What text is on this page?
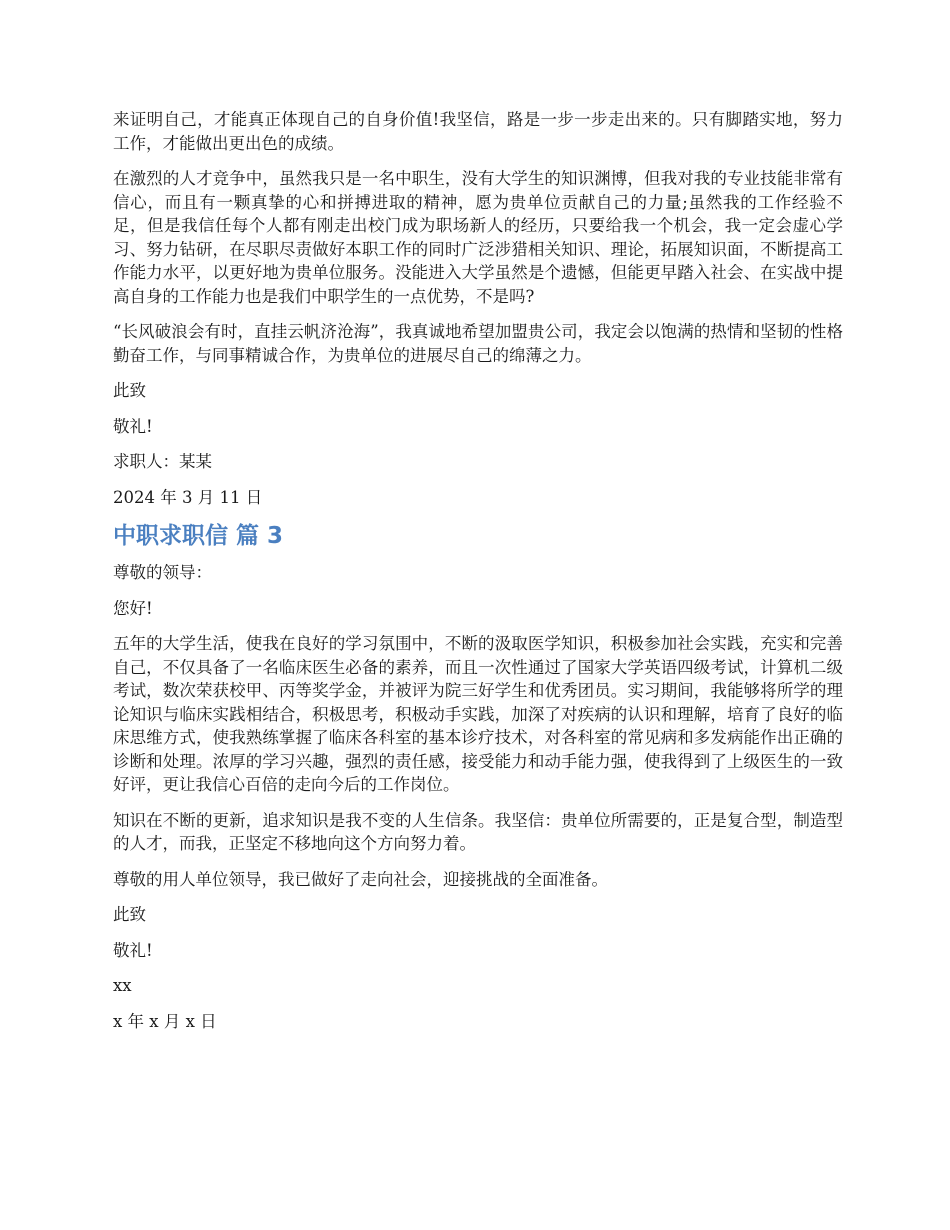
来证明自己，才能真正体现自己的自身价值!我坚信，路是一步一步走出来的。只有脚踏实地，努力工作，才能做出更出色的成绩。

在激烈的人才竞争中，虽然我只是一名中职生，没有大学生的知识渊博，但我对我的专业技能非常有信心，而且有一颗真挚的心和拼搏进取的精神，愿为贵单位贡献自己的力量;虽然我的工作经验不足，但是我信任每个人都有刚走出校门成为职场新人的经历，只要给我一个机会，我一定会虚心学习、努力钻研，在尽职尽责做好本职工作的同时广泛涉猎相关知识、理论，拓展知识面，不断提高工作能力水平，以更好地为贵单位服务。没能进入大学虽然是个遗憾，但能更早踏入社会、在实战中提高自身的工作能力也是我们中职学生的一点优势，不是吗?

“长风破浪会有时，直挂云帆济沧海”，我真诚地希望加盟贵公司，我定会以饱满的热情和坚韧的性格勤奋工作，与同事精诚合作，为贵单位的进展尽自己的绵薄之力。

此致

敬礼!

求职人：某某

2024 年 3 月 11 日

中职求职信 篇 3

尊敬的领导：

您好!

五年的大学生活，使我在良好的学习氛围中，不断的汲取医学知识，积极参加社会实践，充实和完善自己，不仅具备了一名临床医生必备的素养，而且一次性通过了国家大学英语四级考试，计算机二级考试，数次荣获校甲、丙等奖学金，并被评为院三好学生和优秀团员。实习期间，我能够将所学的理论知识与临床实践相结合，积极思考，积极动手实践，加深了对疾病的认识和理解，培育了良好的临床思维方式，使我熟练掌握了临床各科室的基本诊疗技术，对各科室的常见病和多发病能作出正确的诊断和处理。浓厚的学习兴趣，强烈的责任感，接受能力和动手能力强，使我得到了上级医生的一致好评，更让我信心百倍的走向今后的工作岗位。

知识在不断的更新，追求知识是我不变的人生信条。我坚信：贵单位所需要的，正是复合型，制造型的人才，而我，正坚定不移地向这个方向努力着。

尊敬的用人单位领导，我已做好了走向社会，迎接挑战的全面准备。

此致

敬礼!

xx

x 年 x 月 x 日
